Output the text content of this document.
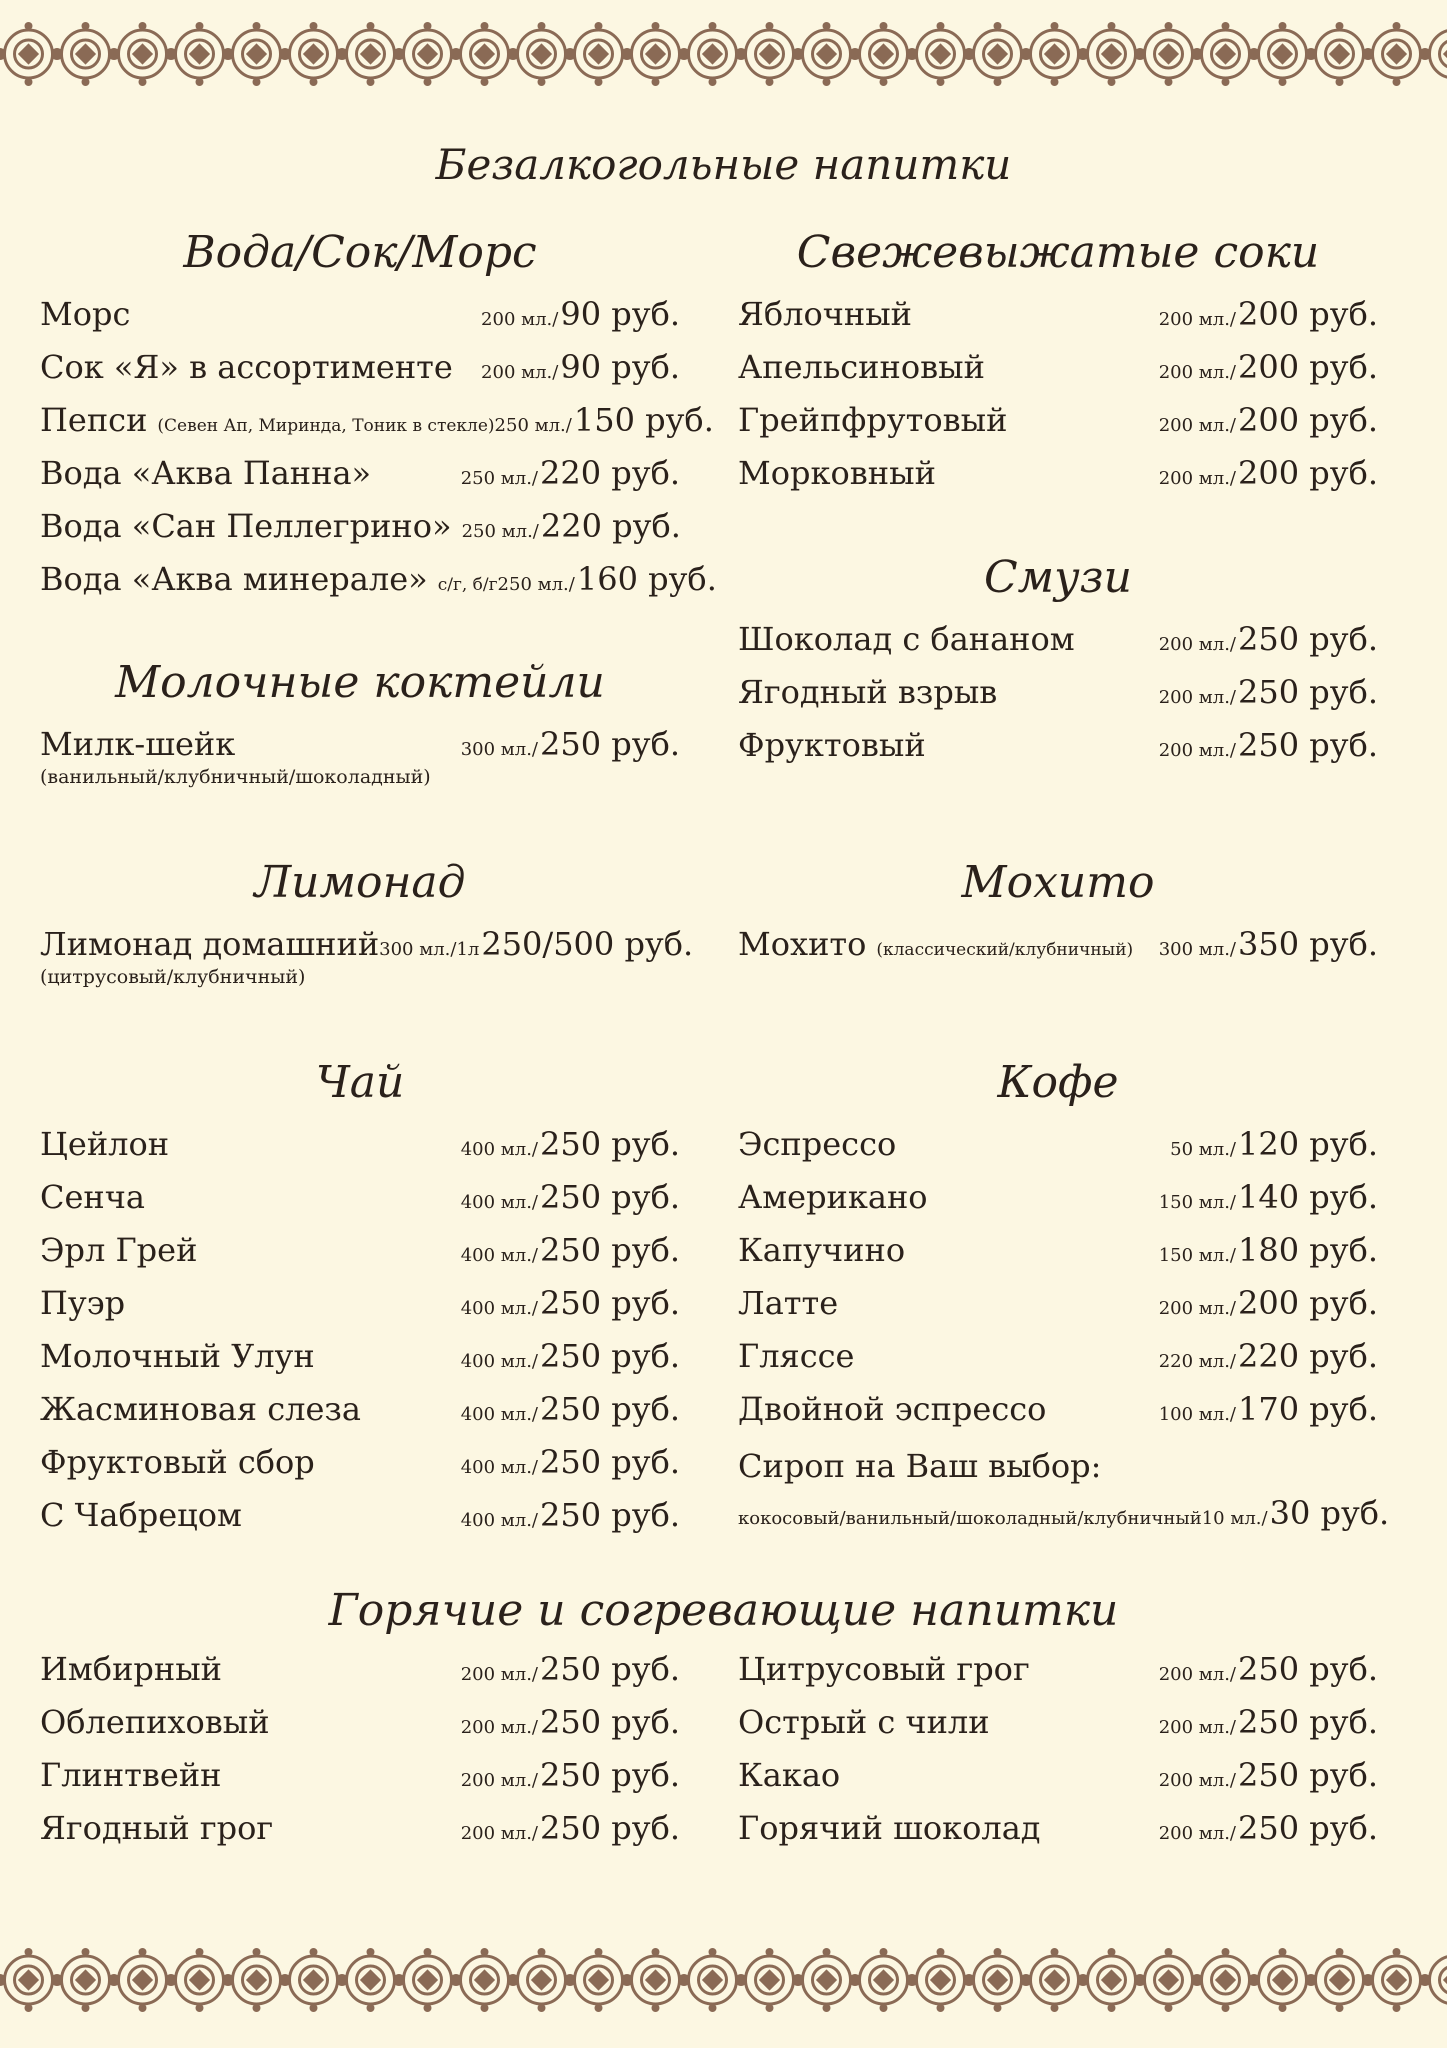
Безалкогольные напитки
Вода/Сок/Морс
Морс	200 мл./ 90 руб.
Сок «Я» в ассортименте 200 мл./ 90 руб.
Пепси (Севен Ап, Миринда, Тоник в стекле) 250 мл./ 150 руб.
Вода «Аква Панна»	250 мл./ 220 руб.
Вода «Сан Пеллегрино» 250 мл./ 220 руб.
Вода «Аква минерале» с/г, б/г 250 мл./ 160 руб.
Молочные коктейли
Милк-шейк	300 мл./ 250 руб.
(ванильный/клубничный/шоколадный)
Лимонад
Лимонад домашний 300 мл./1л 250/500 руб.
(цитрусовый/клубничный)
Чай
Цейлон	400 мл./ 250 руб.
Сенча	400 мл./ 250 руб.
Эрл Грей	400 мл./ 250 руб.
Пуэр	400 мл./ 250 руб.
Молочный Улун	400 мл./ 250 руб.
Жасминовая слеза	400 мл./ 250 руб.
Фруктовый сбор	400 мл./ 250 руб.
С Чабрецом	400 мл./ 250 руб.
Свежевыжатые соки
Яблочный	200 мл./ 200 руб.
Апельсиновый	200 мл./ 200 руб.
Грейпфрутовый	200 мл./ 200 руб.
Морковный	200 мл./ 200 руб.
Смузи
Шоколад с бананом	200 мл./ 250 руб.
Ягодный взрыв	200 мл./ 250 руб.
Фруктовый	200 мл./ 250 руб.
Мохито
Мохито (классический/клубничный) 300 мл./ 350 руб.
Кофе
Эспрессо	50 мл./ 120 руб.
Американо	150 мл./ 140 руб.
Капучино	150 мл./ 180 руб.
Латте	200 мл./ 200 руб.
Гляссе	220 мл./ 220 руб.
Двойной эспрессо	100 мл./ 170 руб.
Сироп на Ваш выбор:
кокосовый/ванильный/шоколадный/клубничный 10 мл./ 30 руб.
Горячие и согревающие напитки
Имбирный	200 мл./ 250 руб.
Облепиховый	200 мл./ 250 руб.
Глинтвейн	200 мл./ 250 руб.
Ягодный грог	200 мл./ 250 руб.
Цитрусовый грог	200 мл./ 250 руб.
Острый с чили	200 мл./ 250 руб.
Какао	200 мл./ 250 руб.
Горячий шоколад	200 мл./ 250 руб.
